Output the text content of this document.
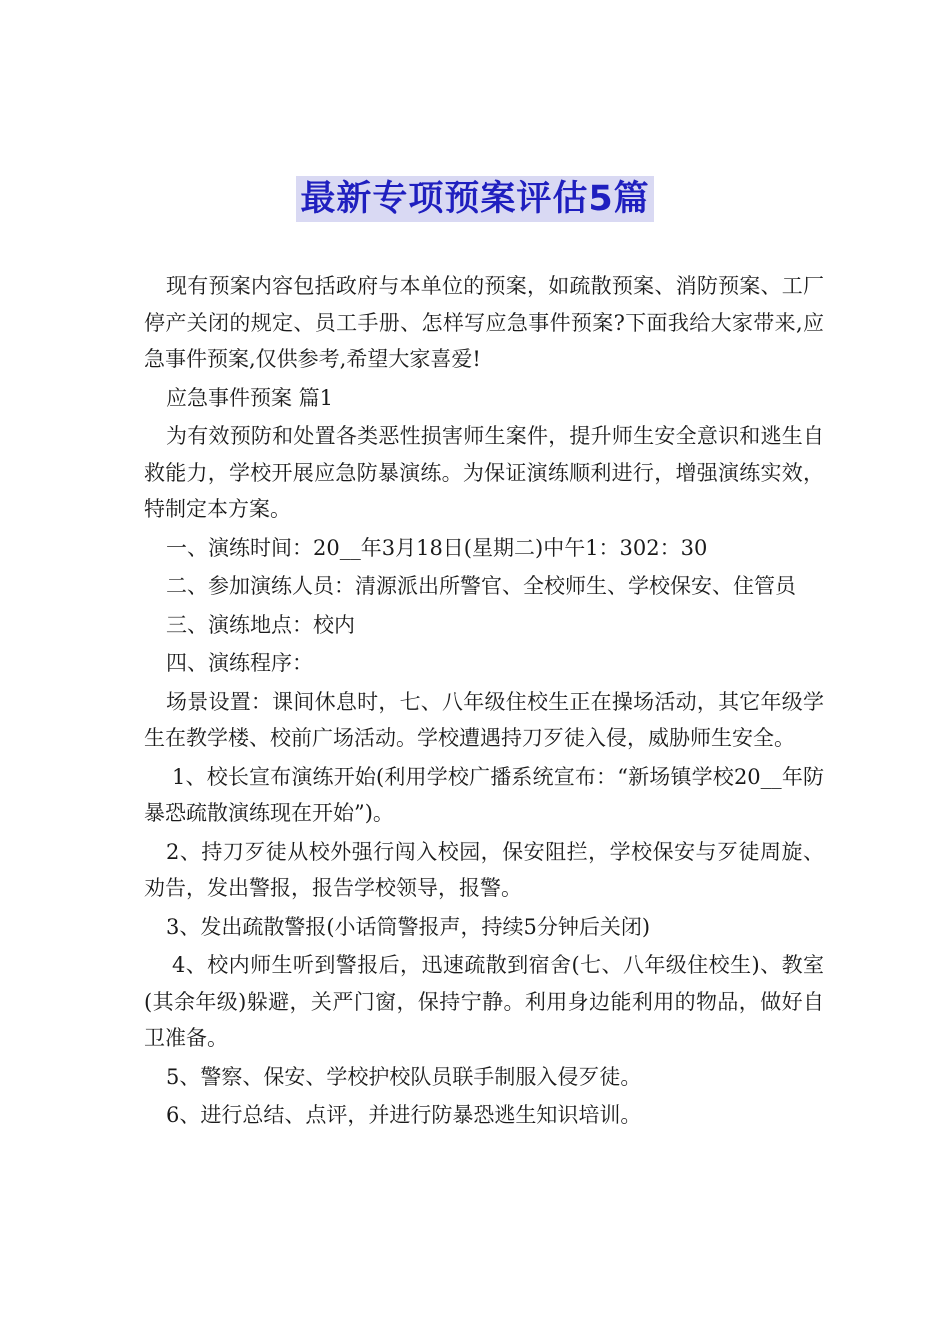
最新专项预案评估5篇

现有预案内容包括政府与本单位的预案，如疏散预案、消防预案、工厂停产关闭的规定、员工手册、怎样写应急事件预案?下面我给大家带来,应急事件预案,仅供参考,希望大家喜爱!

应急事件预案 篇1

为有效预防和处置各类恶性损害师生案件，提升师生安全意识和逃生自救能力，学校开展应急防暴演练。为保证演练顺利进行，增强演练实效，特制定本方案。

一、演练时间：20__年3月18日(星期二)中午1：302：30

二、参加演练人员：清源派出所警官、全校师生、学校保安、住管员

三、演练地点：校内

四、演练程序：

场景设置：课间休息时，七、八年级住校生正在操场活动，其它年级学生在教学楼、校前广场活动。学校遭遇持刀歹徒入侵，威胁师生安全。

1、校长宣布演练开始(利用学校广播系统宣布：“新场镇学校20__年防暴恐疏散演练现在开始”)。

2、持刀歹徒从校外强行闯入校园，保安阻拦，学校保安与歹徒周旋、劝告，发出警报，报告学校领导，报警。

3、发出疏散警报(小话筒警报声，持续5分钟后关闭)

4、校内师生听到警报后，迅速疏散到宿舍(七、八年级住校生)、教室(其余年级)躲避，关严门窗，保持宁静。利用身边能利用的物品，做好自卫准备。

5、警察、保安、学校护校队员联手制服入侵歹徒。

6、进行总结、点评，并进行防暴恐逃生知识培训。
